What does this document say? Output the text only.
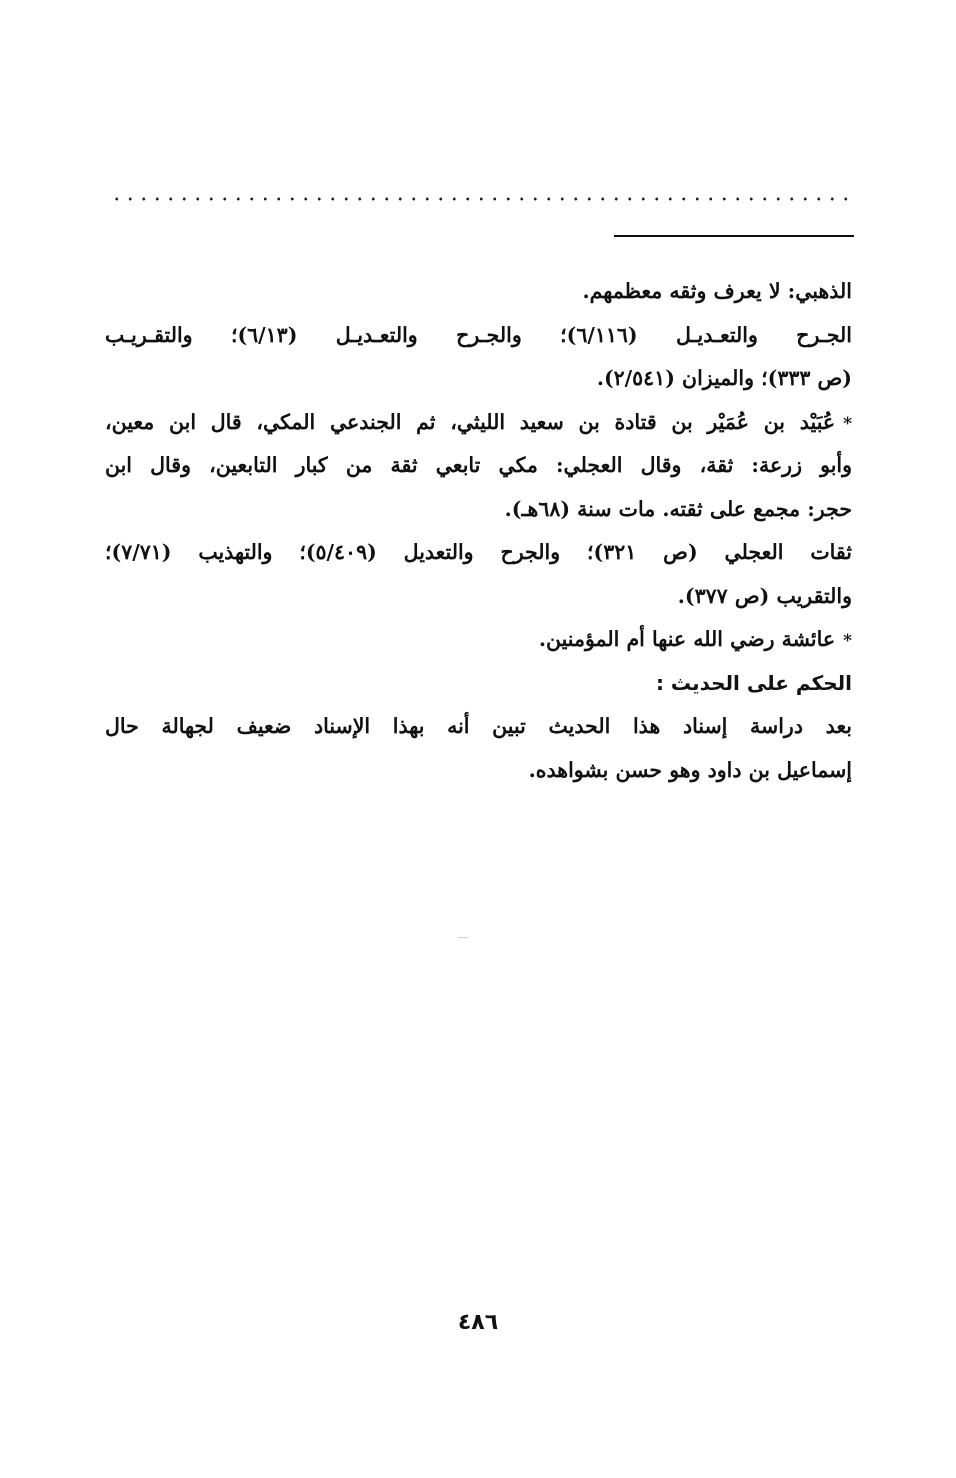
الذهبي: لا يعرف وثقه معظمهم.
الجـرح والتعـديـل (٦/١١٦)؛ والجـرح والتعـديـل (٦/١٣)؛ والتقـريـب
(ص ٣٣٣)؛ والميزان (٢/٥٤١).
*عُبَيْد بن عُمَيْر بن قتادة بن سعيد الليثي، ثم الجندعي المكي، قال ابن معين،
وأبو زرعة: ثقة، وقال العجلي: مكي تابعي ثقة من كبار التابعين، وقال ابن
حجر: مجمع على ثقته. مات سنة (٦٨هـ).
ثقات العجلي (ص ٣٢١)؛ والجرح والتعديل (٥/٤٠٩)؛ والتهذيب (٧/٧١)؛
والتقريب (ص ٣٧٧).
*عائشة رضي الله عنها أم المؤمنين.
الحكم على الحديث :
بعد دراسة إسناد هذا الحديث تبين أنه بهذا الإسناد ضعيف لجهالة حال
إسماعيل بن داود وهو حسن بشواهده.
٤٨٦
